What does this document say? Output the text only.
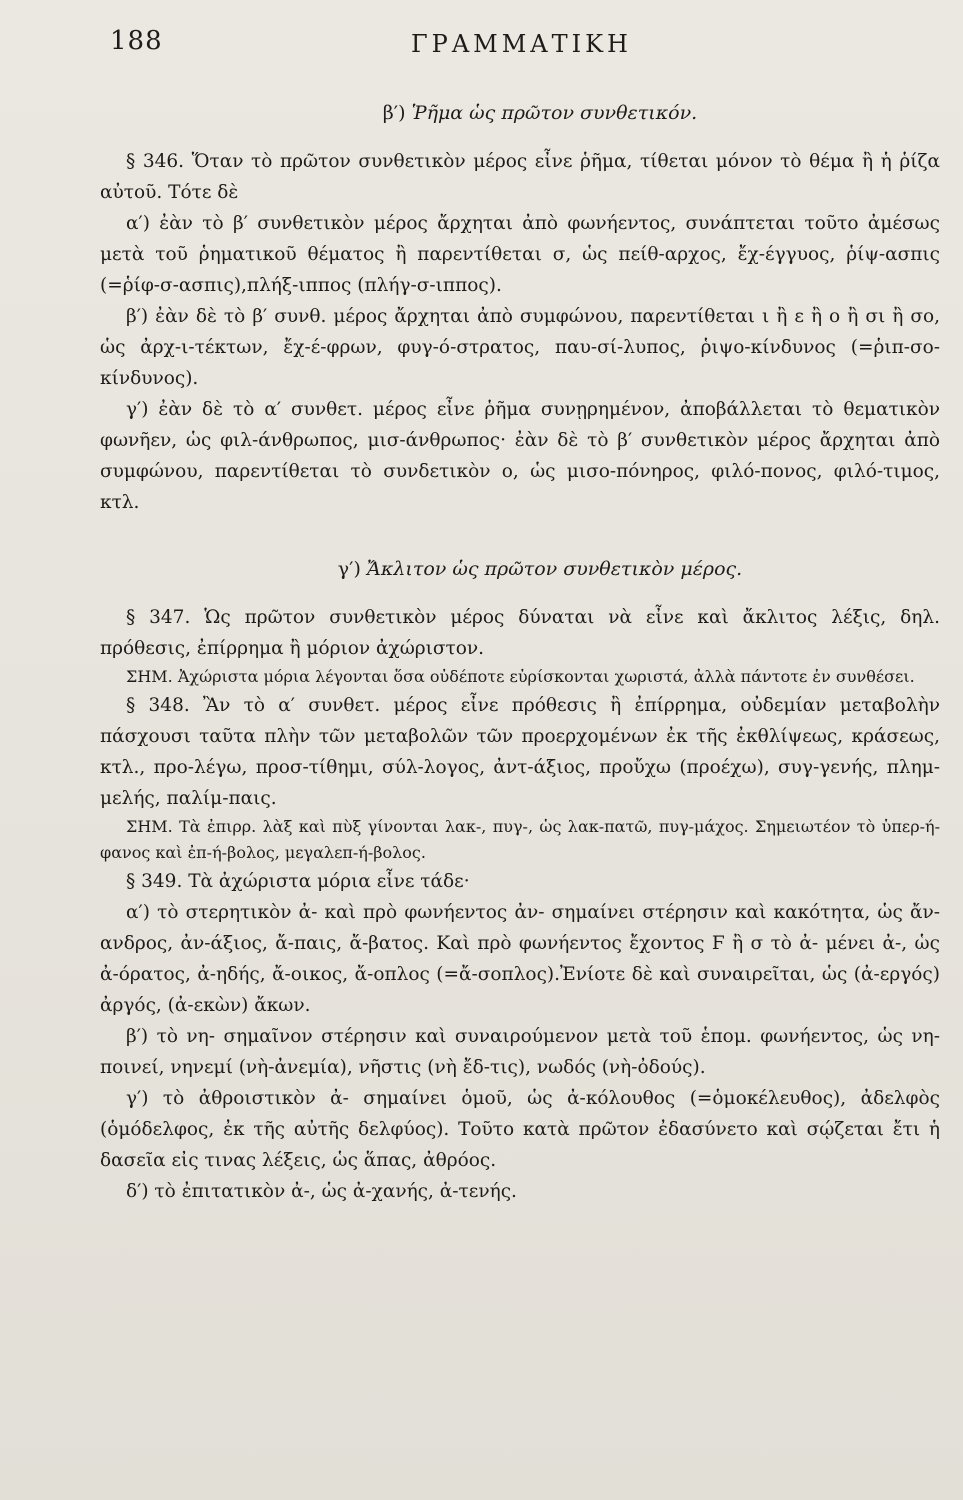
188	ΓΡΑΜΜΑΤΙΚΗ
β′) Ῥῆμα ὡς πρῶτον συνθετικόν.

§ 346. Ὅταν τὸ πρῶτον συνθετικὸν μέρος εἶνε ῥῆμα, τίθεται μόνον τὸ θέμα ἢ ἡ ῥίζα αὐτοῦ. Τότε δὲ

α′) ἐὰν τὸ β′ συνθετικὸν μέρος ἄρχηται ἀπὸ φωνήεντος, συνάπτεται τοῦτο ἀμέσως μετὰ τοῦ ῥηματικοῦ θέματος ἢ παρεντίθεται σ, ὡς πείθ-αρχος, ἔχ-έγγυος, ῥίψ-ασπις (=ῥίφ-σ-ασπις),πλήξ-ιππος (πλήγ-σ-ιππος).

β′) ἐὰν δὲ τὸ β′ συνθ. μέρος ἄρχηται ἀπὸ συμφώνου, παρεντίθεται ι ἢ ε ἢ ο ἢ σι ἢ σο, ὡς ἀρχ-ι-τέκτων, ἔχ-έ-φρων, φυγ-ό-στρατος, παυ-σί-λυπος, ῥιψο-κίνδυνος (=ῥιπ-σο-κίνδυνος).

γ′) ἐὰν δὲ τὸ α′ συνθετ. μέρος εἶνε ῥῆμα συνῃρημένον, ἀποβάλλεται τὸ θεματικὸν φωνῆεν, ὡς φιλ-άνθρωπος, μισ-άνθρωπος· ἐὰν δὲ τὸ β′ συνθετικὸν μέρος ἄρχηται ἀπὸ συμφώνου, παρεντίθεται τὸ συνδετικὸν ο, ὡς μισο-πόνηρος, φιλό-πονος, φιλό-τιμος, κτλ.

γ′) Ἄκλιτον ὡς πρῶτον συνθετικὸν μέρος.

§ 347. Ὡς πρῶτον συνθετικὸν μέρος δύναται νὰ εἶνε καὶ ἄκλιτος λέξις, δηλ. πρόθεσις, ἐπίρρημα ἢ μόριον ἀχώριστον.

ΣΗΜ. Ἀχώριστα μόρια λέγονται ὅσα οὐδέποτε εὑρίσκονται χωριστά, ἀλλὰ πάντοτε ἐν συνθέσει.

§ 348. Ἂν τὸ α′ συνθετ. μέρος εἶνε πρόθεσις ἢ ἐπίρρημα, οὐδεμίαν μεταβολὴν πάσχουσι ταῦτα πλὴν τῶν μεταβολῶν τῶν προερχομένων ἐκ τῆς ἐκθλίψεως, κράσεως, κτλ., προ-λέγω, προσ-τίθημι, σύλ-λογος, ἀντ-άξιος, προὔχω (προέχω), συγ-γενής, πλημ-μελής, παλίμ-παις.

ΣΗΜ. Τὰ ἐπιρρ. λὰξ καὶ πὺξ γίνονται λακ-, πυγ-, ὡς λακ-πατῶ, πυγ-μάχος. Σημειωτέον τὸ ὑπερ-ή-φανος καὶ ἐπ-ή-βολος, μεγαλεπ-ή-βολος.

§ 349. Τὰ ἀχώριστα μόρια εἶνε τάδε·

α′) τὸ στερητικὸν ἀ- καὶ πρὸ φωνήεντος ἀν- σημαίνει στέρησιν καὶ κακότητα, ὡς ἄν-ανδρος, ἀν-άξιος, ἄ-παις, ἄ-βατος. Καὶ πρὸ φωνήεντος ἔχοντος Ϝ ἢ σ τὸ ἀ- μένει ἀ-, ὡς ἀ-όρατος, ἀ-ηδής, ἄ-οικος, ἄ-οπλος (=ἄ-σοπλος).Ἐνίοτε δὲ καὶ συναιρεῖται, ὡς (ἀ-εργός) ἀργός, (ἀ-εκὼν) ἄκων.

β′) τὸ νη- σημαῖνον στέρησιν καὶ συναιρούμενον μετὰ τοῦ ἑπομ. φωνήεντος, ὡς νη-ποινεί, νηνεμί (νὴ-ἀνεμία), νῆστις (νὴ ἔδ-τις), νωδός (νὴ-ὀδούς).

γ′) τὸ ἀθροιστικὸν ἀ- σημαίνει ὁμοῦ, ὡς ἀ-κόλουθος (=ὁμοκέλευθος), ἀδελφὸς (ὁμόδελφος, ἐκ τῆς αὐτῆς δελφύος). Τοῦτο κατὰ πρῶτον ἐδασύνετο καὶ σῴζεται ἔτι ἡ δασεῖα εἰς τινας λέξεις, ὡς ἅπας, ἀθρόος.

δ′) τὸ ἐπιτατικὸν ἀ-, ὡς ἀ-χανής, ἀ-τενής.
